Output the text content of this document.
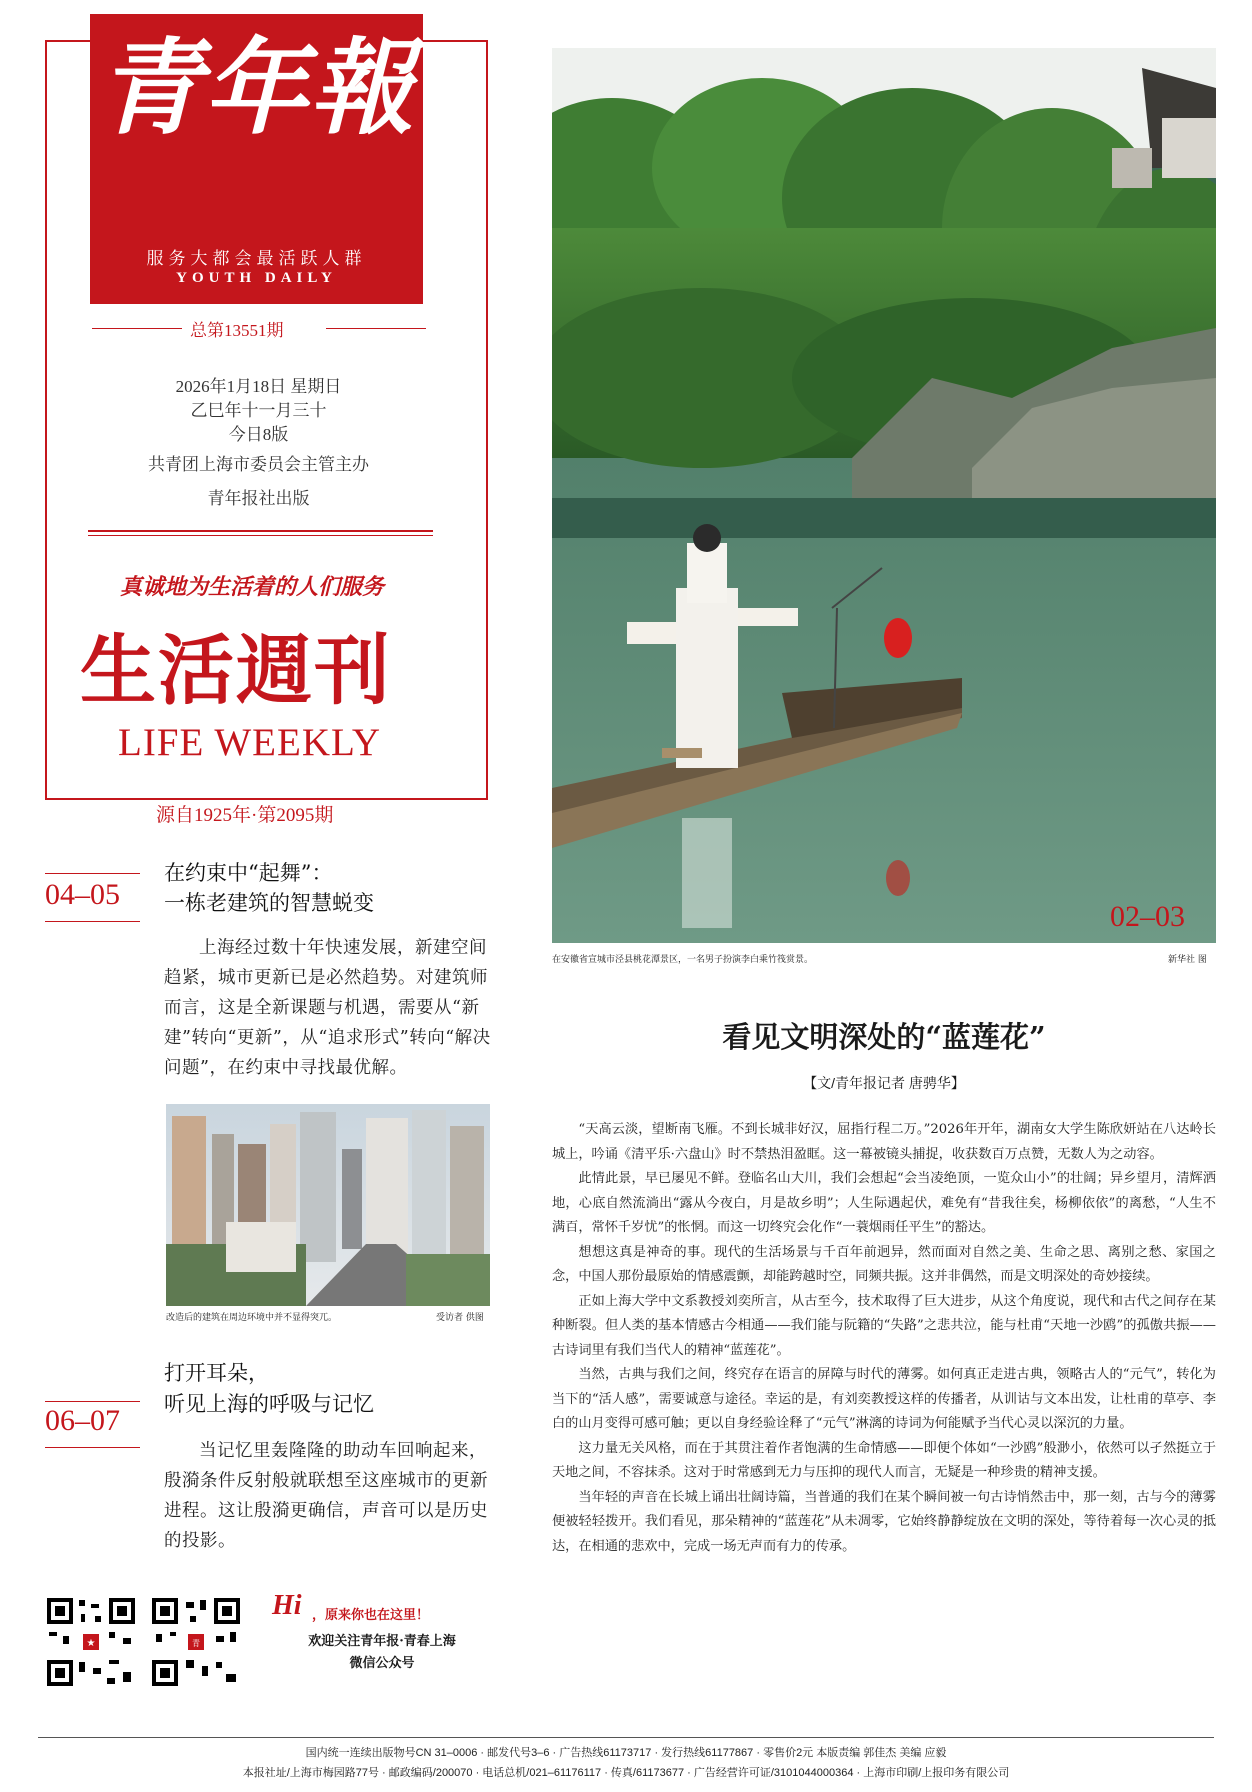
青年報
服务大都会最活跃人群
YOUTH DAILY
总第13551期
2026年1月18日 星期日
乙巳年十一月三十
今日8版
共青团上海市委员会主管主办
青年报社出版
真诚地为生活着的人们服务
生活週刊
LIFE WEEKLY
源自1925年·第2095期
04–05
在约束中“起舞”：
一栋老建筑的智慧蜕变
上海经过数十年快速发展，新建空间趋紧，城市更新已是必然趋势。对建筑师而言，这是全新课题与机遇，需要从“新建”转向“更新”，从“追求形式”转向“解决问题”，在约束中寻找最优解。
改造后的建筑在周边环境中并不显得突兀。	受访者 供图
06–07
打开耳朵，
听见上海的呼吸与记忆
当记忆里轰隆隆的助动车回响起来，殷漪条件反射般就联想至这座城市的更新进程。这让殷漪更确信，声音可以是历史的投影。
★	青
Hi ，原来你也在这里！
欢迎关注青年报·青春上海
微信公众号
02–03
在安徽省宣城市泾县桃花潭景区，一名男子扮演李白乘竹筏赏景。	新华社 图
看见文明深处的“蓝莲花”
【文/青年报记者 唐骋华】

“天高云淡，望断南飞雁。不到长城非好汉，屈指行程二万。”2026年开年，湖南女大学生陈欣妍站在八达岭长城上，吟诵《清平乐·六盘山》时不禁热泪盈眶。这一幕被镜头捕捉，收获数百万点赞，无数人为之动容。

此情此景，早已屡见不鲜。登临名山大川，我们会想起“会当凌绝顶，一览众山小”的壮阔；异乡望月，清辉洒地，心底自然流淌出“露从今夜白，月是故乡明”；人生际遇起伏，难免有“昔我往矣，杨柳依依”的离愁，“人生不满百，常怀千岁忧”的怅惘。而这一切终究会化作“一蓑烟雨任平生”的豁达。

想想这真是神奇的事。现代的生活场景与千百年前迥异，然而面对自然之美、生命之思、离别之愁、家国之念，中国人那份最原始的情感震颤，却能跨越时空，同频共振。这并非偶然，而是文明深处的奇妙接续。

正如上海大学中文系教授刘奕所言，从古至今，技术取得了巨大进步，从这个角度说，现代和古代之间存在某种断裂。但人类的基本情感古今相通——我们能与阮籍的“失路”之悲共泣，能与杜甫“天地一沙鸥”的孤傲共振——古诗词里有我们当代人的精神“蓝莲花”。

当然，古典与我们之间，终究存在语言的屏障与时代的薄雾。如何真正走进古典，领略古人的“元气”，转化为当下的“活人感”，需要诚意与途径。幸运的是，有刘奕教授这样的传播者，从训诂与文本出发，让杜甫的草亭、李白的山月变得可感可触；更以自身经验诠释了“元气”淋漓的诗词为何能赋予当代心灵以深沉的力量。

这力量无关风格，而在于其贯注着作者饱满的生命情感——即便个体如“一沙鸥”般渺小，依然可以孑然挺立于天地之间，不容抹杀。这对于时常感到无力与压抑的现代人而言，无疑是一种珍贵的精神支援。

当年轻的声音在长城上诵出壮阔诗篇，当普通的我们在某个瞬间被一句古诗悄然击中，那一刻，古与今的薄雾便被轻轻拨开。我们看见，那朵精神的“蓝莲花”从未凋零，它始终静静绽放在文明的深处，等待着每一次心灵的抵达，在相通的悲欢中，完成一场无声而有力的传承。

国内统一连续出版物号CN 31–0006 · 邮发代号3–6 · 广告热线61173717 · 发行热线61177867 · 零售价2元 本版责编 郭佳杰 美编 应毅
本报社址/上海市梅园路77号 · 邮政编码/200070 · 电话总机/021–61176117 · 传真/61173677 · 广告经营许可证/3101044000364 · 上海市印刷/上报印务有限公司
